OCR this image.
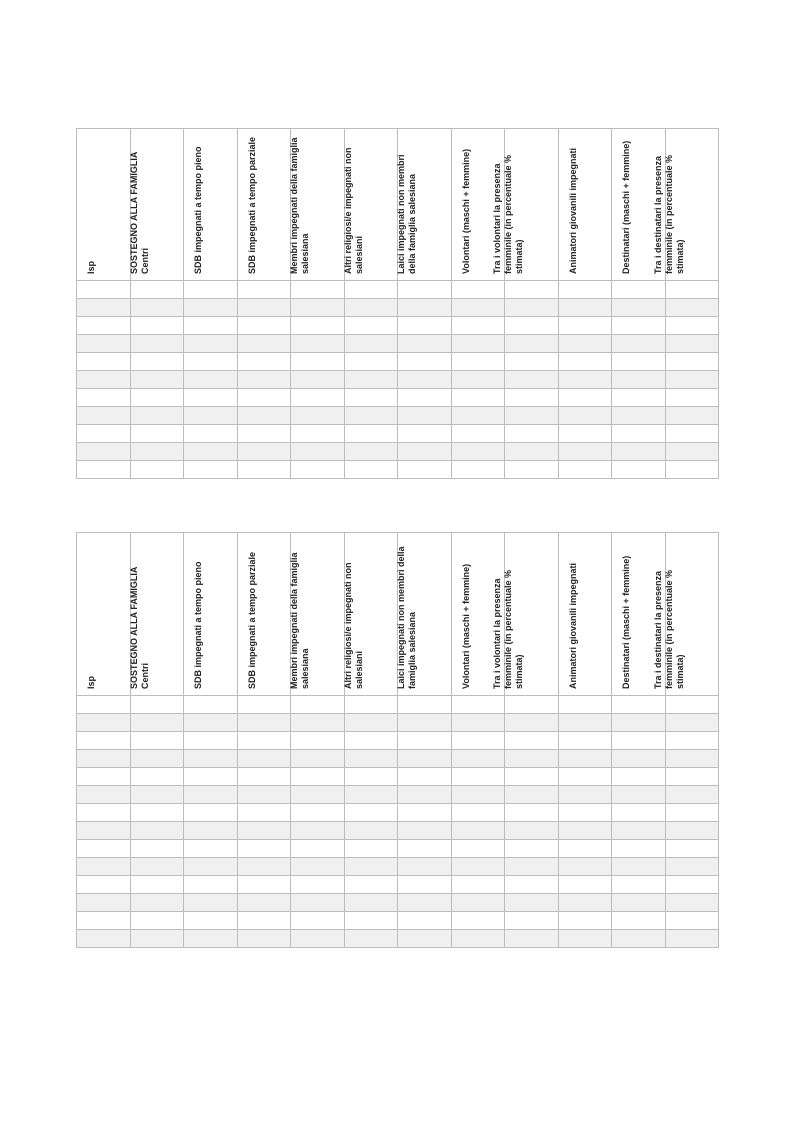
Isp	SOSTEGNO ALLA FAMIGLIA Centri	SDB impegnati a tempo pieno	SDB impegnati a tempo parziale	Membri impegnati della famiglia salesiana	Altri religiosi/e impegnati non salesiani	Laici impegnati non membri della famiglia salesiana	Volontari (maschi + femmine)	Tra i volontari la presenza femminile (in percentuale % stimata)	Animatori giovanili impegnati	Destinatari (maschi + femmine)	Tra i destinatari la presenza femminile (in percentuale % stimata)

Isp	SOSTEGNO ALLA FAMIGLIA Centri	SDB impegnati a tempo pieno	SDB impegnati a tempo parziale	Membri impegnati della famiglia salesiana	Altri religiosi/e impegnati non salesiani	Laici impegnati non membri della famiglia salesiana	Volontari (maschi + femmine)	Tra i volontari la presenza femminile (in percentuale % stimata)	Animatori giovanili impegnati	Destinatari (maschi + femmine)	Tra i destinatari la presenza femminile (in percentuale % stimata)
